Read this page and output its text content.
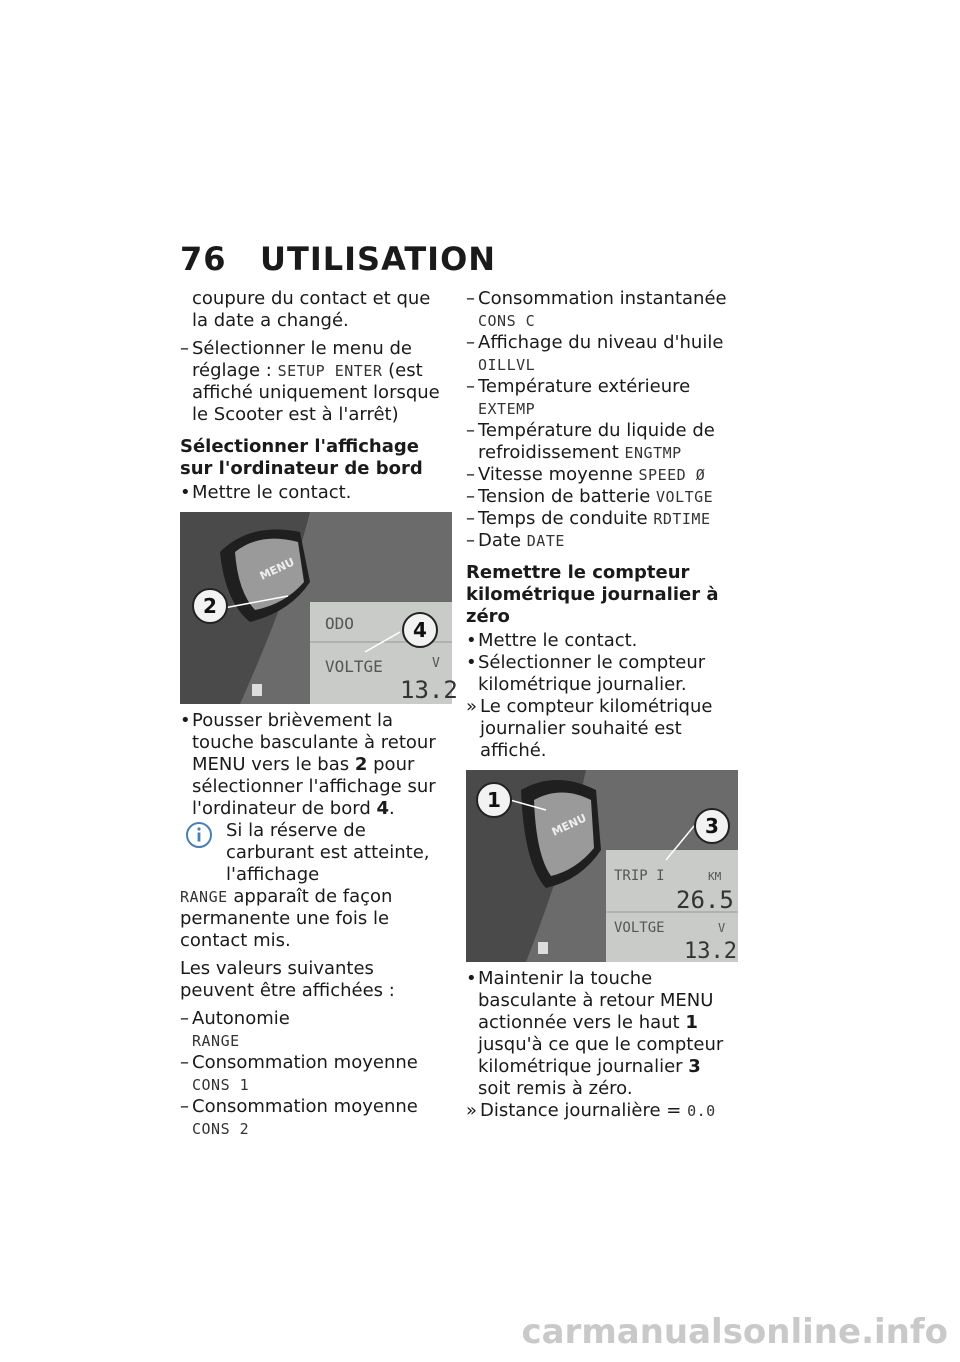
76 UTILISATION

coupure du contact et que la date a changé.

– Sélectionner le menu de réglage : SETUP ENTER (est affiché uniquement lorsque le Scooter est à l'arrêt)

Sélectionner l'affichage sur l'ordinateur de bord

• Mettre le contact.

MENU
ODO
VOLTGE	V
13.2
2
4

• Pousser brièvement la touche basculante à retour MENU vers le bas 2 pour sélectionner l'affichage sur l'ordinateur de bord 4.

Si la réserve de carburant est atteinte, l'affichage

RANGE apparaît de façon permanente une fois le contact mis.

Les valeurs suivantes peuvent être affichées :

– Autonomie
RANGE
– Consommation moyenne
CONS 1
– Consommation moyenne
CONS 2
– Consommation instantanée
CONS C
– Affichage du niveau d'huile
OILLVL
– Température extérieure
EXTEMP
– Température du liquide de refroidissement ENGTMP
– Vitesse moyenne SPEED Ø
– Tension de batterie VOLTGE
– Temps de conduite RDTIME
– Date DATE
Remettre le compteur kilométrique journalier à zéro

• Mettre le contact.

• Sélectionner le compteur kilométrique journalier.

» Le compteur kilométrique journalier souhaité est affiché.

MENU
TRIP I	KM
26.5
VOLTGE	V
13.2
1
3

• Maintenir la touche basculante à retour MENU actionnée vers le haut 1 jusqu'à ce que le compteur kilométrique journalier 3 soit remis à zéro.

» Distance journalière = 0.0

carmanualsonline.info
